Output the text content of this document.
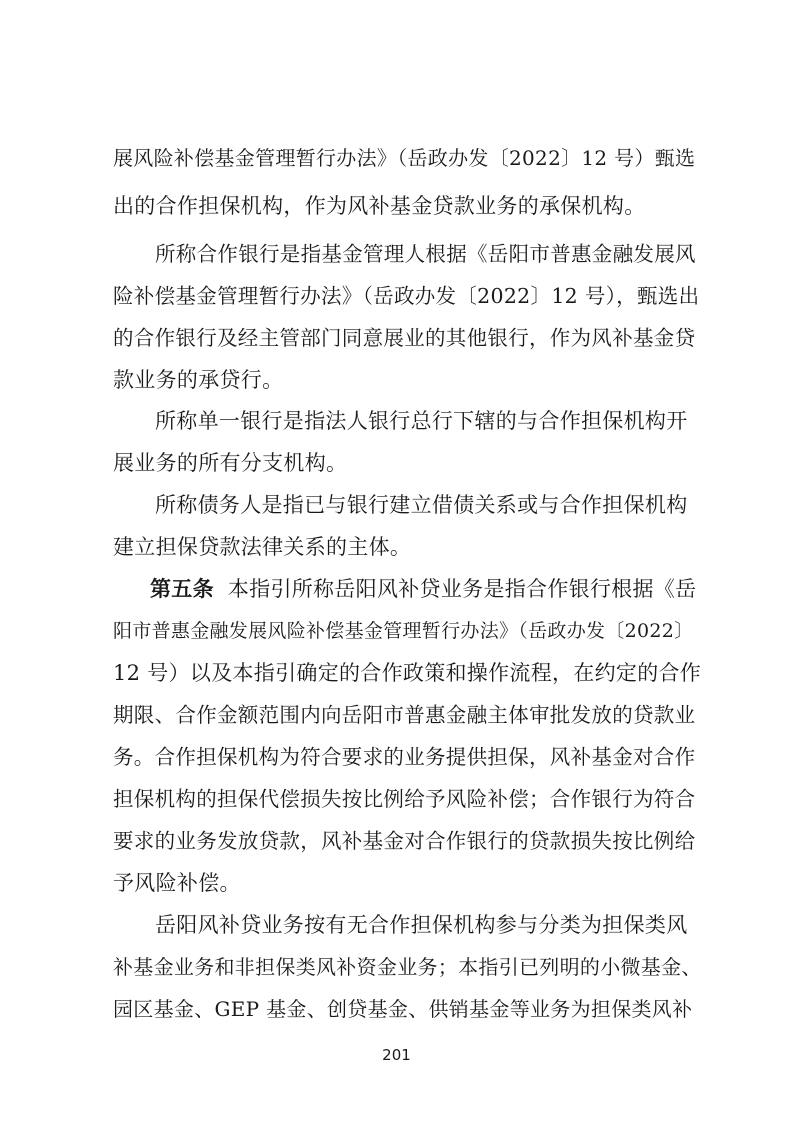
展风险补偿基金管理暂行办法》（岳政办发〔2022〕12 号）甄选
出的合作担保机构，作为风补基金贷款业务的承保机构。
所称合作银行是指基金管理人根据《岳阳市普惠金融发展风
险补偿基金管理暂行办法》（岳政办发〔2022〕12 号），甄选出
的合作银行及经主管部门同意展业的其他银行，作为风补基金贷
款业务的承贷行。
所称单一银行是指法人银行总行下辖的与合作担保机构开
展业务的所有分支机构。
所称债务人是指已与银行建立借债关系或与合作担保机构
建立担保贷款法律关系的主体。
第五条 本指引所称岳阳风补贷业务是指合作银行根据《岳
阳市普惠金融发展风险补偿基金管理暂行办法》（岳政办发〔2022〕
12 号）以及本指引确定的合作政策和操作流程，在约定的合作
期限、合作金额范围内向岳阳市普惠金融主体审批发放的贷款业
务。合作担保机构为符合要求的业务提供担保，风补基金对合作
担保机构的担保代偿损失按比例给予风险补偿；合作银行为符合
要求的业务发放贷款，风补基金对合作银行的贷款损失按比例给
予风险补偿。
岳阳风补贷业务按有无合作担保机构参与分类为担保类风
补基金业务和非担保类风补资金业务；本指引已列明的小微基金、
园区基金、GEP 基金、创贷基金、供销基金等业务为担保类风补
201
